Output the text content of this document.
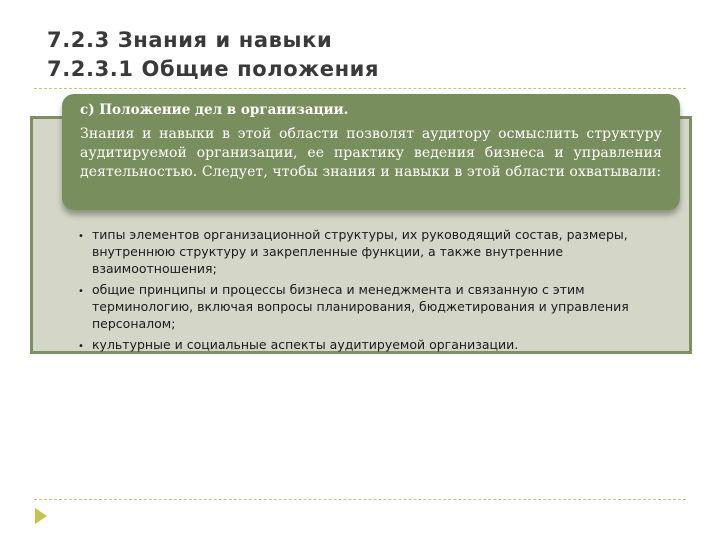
7.2.3 Знания и навыки
7.2.3.1 Общие положения

c) Положение дел в организации.

Знания и навыки в этой области позволят аудитору осмыслить структуру аудитируемой организации, ее практику ведения бизнеса и управления деятельностью. Следует, чтобы знания и навыки в этой области охватывали:

• типы элементов организационной структуры, их руководящий состав, размеры, внутреннюю структуру и закрепленные функции, а также внутренние взаимоотношения;
• общие принципы и процессы бизнеса и менеджмента и связанную с этим терминологию, включая вопросы планирования, бюджетирования и управления персоналом;
• культурные и социальные аспекты аудитируемой организации.
